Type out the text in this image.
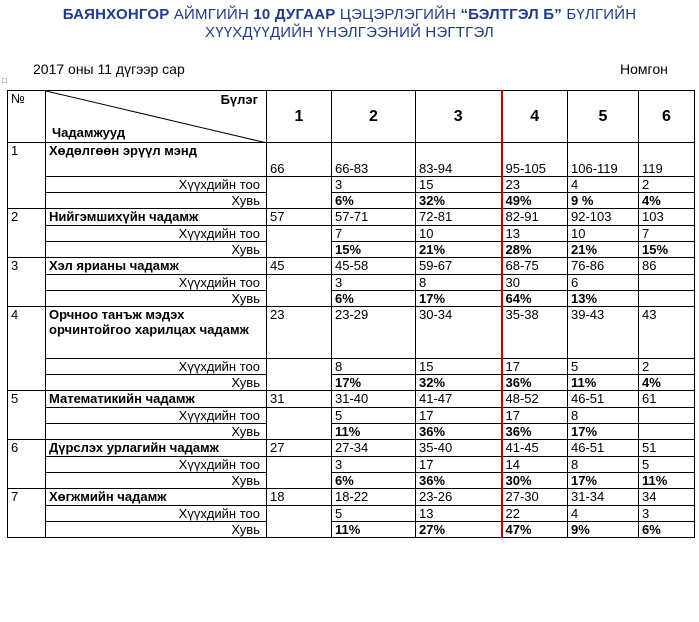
БАЯНХОНГОР АЙМГИЙН 10 ДУГААР ЦЭЦЭРЛЭГИЙН “БЭЛТГЭЛ Б” БҮЛГИЙН
ХҮҮХДҮҮДИЙН ҮНЭЛГЭЭНИЙ НЭГТГЭЛ
2017 оны 11 дүгээр сар	Номгон
□
№	Бүлэг
Чадамжууд	1	2	3	4	5	6
1	Хөдөлгөөн эрүүл мэнд	66	66-83	83-94	95-105	106-119	119
	Хүүхдийн тоо		3	15	23	4	2
	Хувь		6%	32%	49%	9 %	4%
2	Нийгэмшихүйн чадамж	57	57-71	72-81	82-91	92-103	103
	Хүүхдийн тоо		7	10	13	10	7
	Хувь		15%	21%	28%	21%	15%
3	Хэл ярианы чадамж	45	45-58	59-67	68-75	76-86	86
	Хүүхдийн тоо		3	8	30	6	
	Хувь		6%	17%	64%	13%	
4	Орчноо танъж мэдэх орчинтойгоо харилцах чадамж	23	23-29	30-34	35-38	39-43	43
	Хүүхдийн тоо		8	15	17	5	2
	Хувь		17%	32%	36%	11%	4%
5	Математикийн чадамж	31	31-40	41-47	48-52	46-51	61
	Хүүхдийн тоо		5	17	17	8	
	Хувь		11%	36%	36%	17%	
6	Дүрслэх урлагийн чадамж	27	27-34	35-40	41-45	46-51	51
	Хүүхдийн тоо		3	17	14	8	5
	Хувь		6%	36%	30%	17%	11%
7	Хөгжмийн чадамж	18	18-22	23-26	27-30	31-34	34
	Хүүхдийн тоо		5	13	22	4	3
	Хувь		11%	27%	47%	9%	6%
